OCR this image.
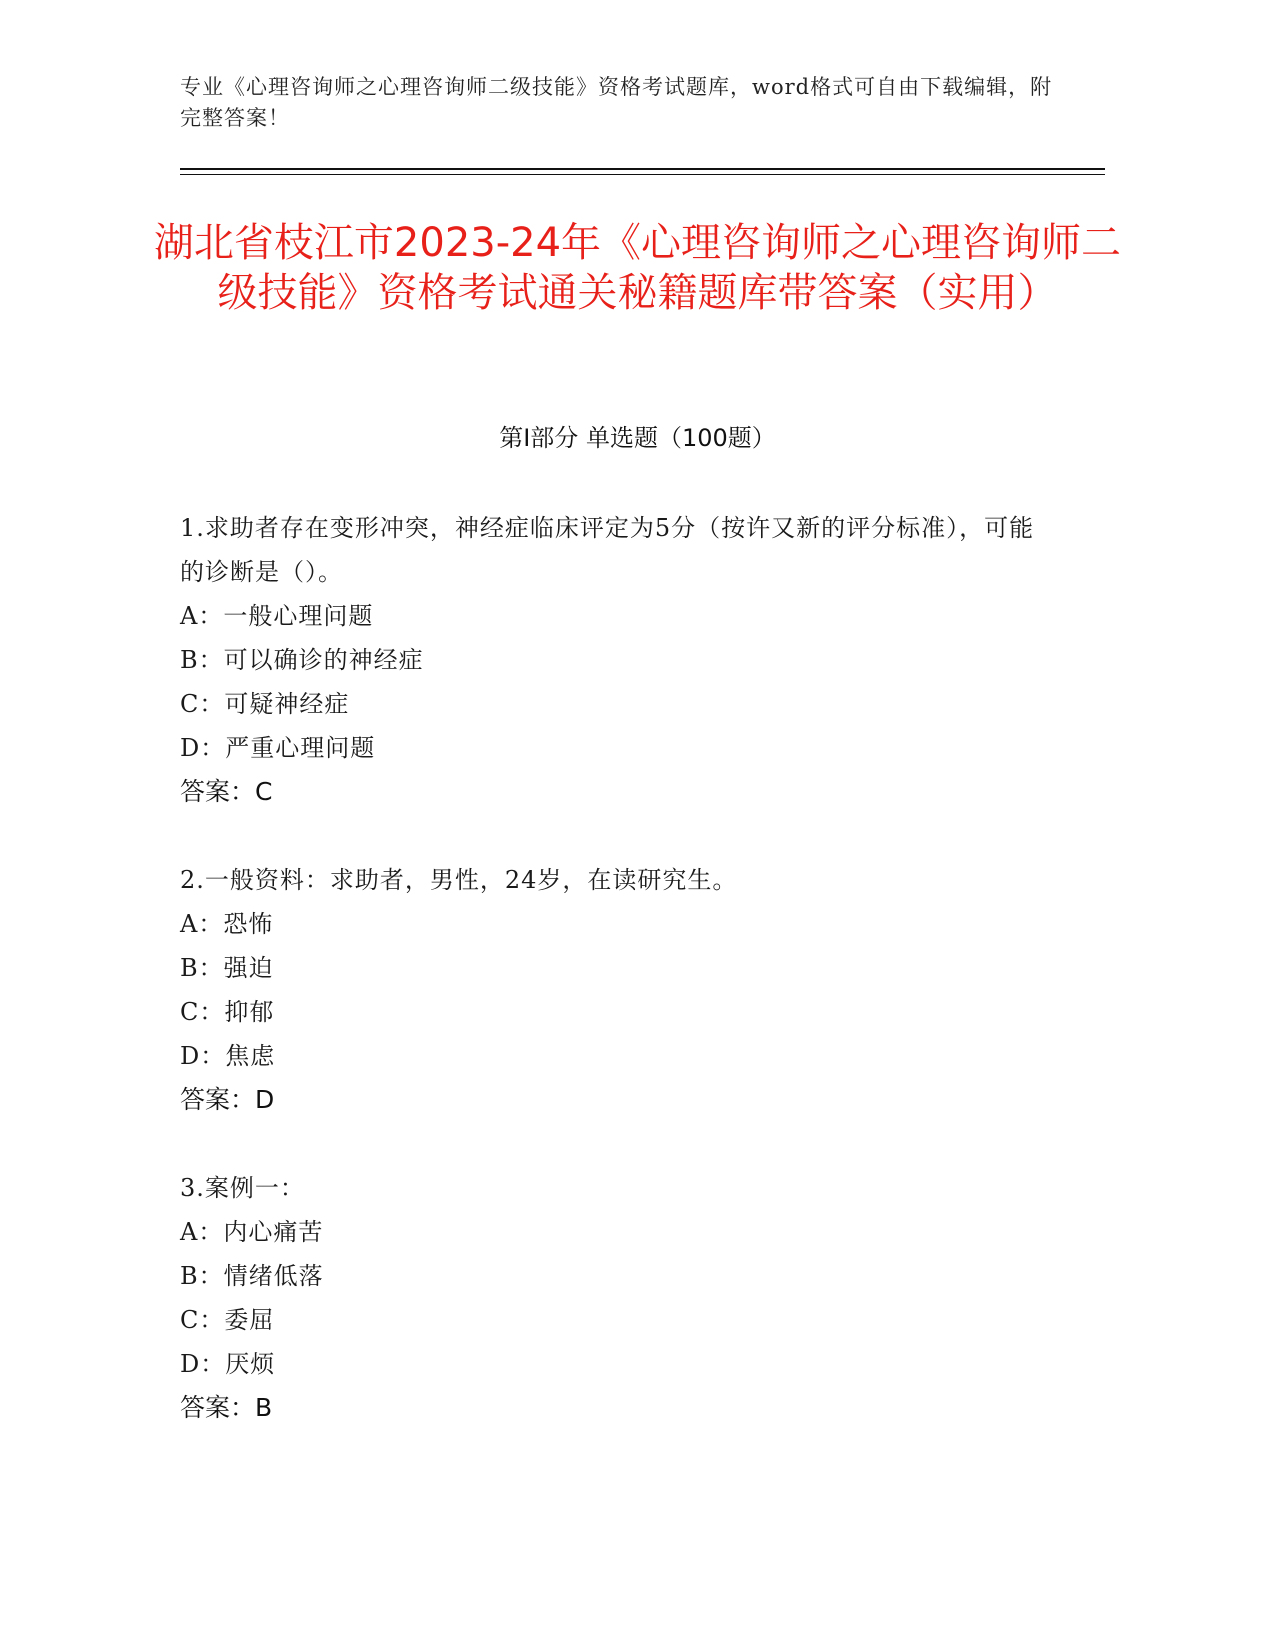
专业《心理咨询师之心理咨询师二级技能》资格考试题库，word格式可自由下载编辑，附完整答案！
湖北省枝江市2023-24年《心理咨询师之心理咨询师二级技能》资格考试通关秘籍题库带答案（实用）
第Ⅰ部分 单选题（100题）
1.求助者存在变形冲突，神经症临床评定为5分（按许又新的评分标准），可能的诊断是（）。
A：一般心理问题
B：可以确诊的神经症
C：可疑神经症
D：严重心理问题
答案：C
2.一般资料：求助者，男性，24岁，在读研究生。
A：恐怖
B：强迫
C：抑郁
D：焦虑
答案：D
3.案例一：
A：内心痛苦
B：情绪低落
C：委屈
D：厌烦
答案：B
